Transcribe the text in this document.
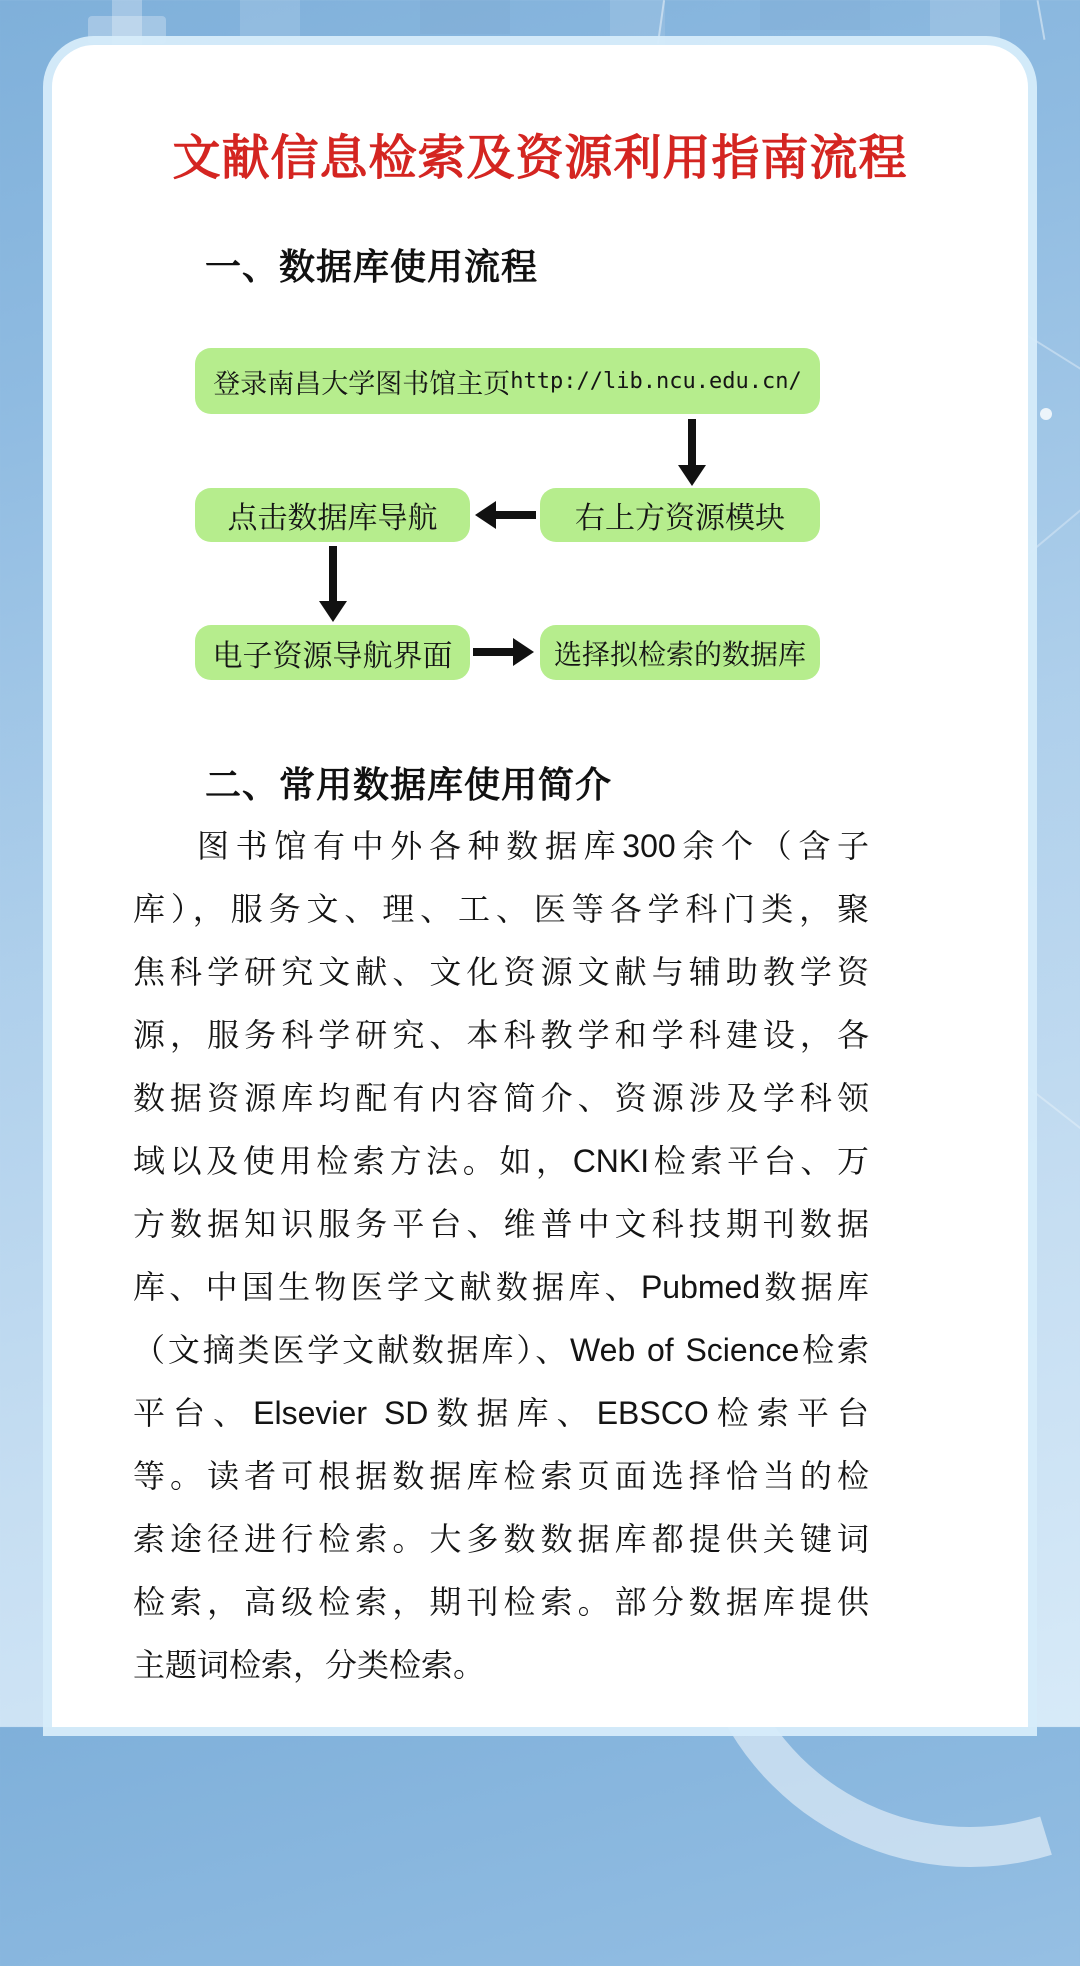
文献信息检索及资源利用指南流程
一、数据库使用流程
登录南昌大学图书馆主页 http://lib.ncu.edu.cn/
点击数据库导航	右上方资源模块
电子资源导航界面	选择拟检索的数据库
二、常用数据库使用简介
图书馆有中外各种数据库300余个（含子
库），服务文、理、工、医等各学科门类，聚
焦科学研究文献、文化资源文献与辅助教学资
源，服务科学研究、本科教学和学科建设，各
数据资源库均配有内容简介、资源涉及学科领
域以及使用检索方法。如，CNKI检索平台、万
方数据知识服务平台、维普中文科技期刊数据
库、中国生物医学文献数据库、Pubmed数据库
（文摘类医学文献数据库）、Web of Science检索
平台、Elsevier SD数据库、EBSCO检索平台
等。读者可根据数据库检索页面选择恰当的检
索途径进行检索。大多数数据库都提供关键词
检索，高级检索，期刊检索。部分数据库提供
主题词检索，分类检索。
